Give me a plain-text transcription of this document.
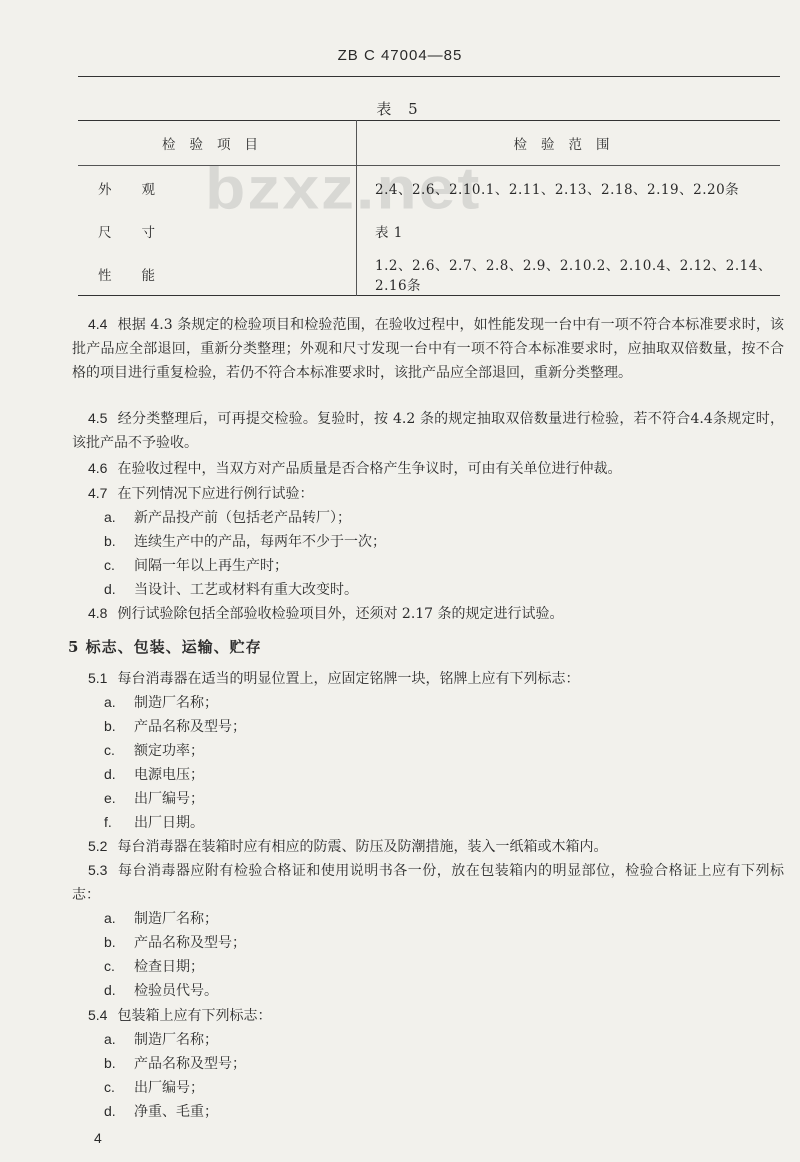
ZB C 47004—85
表 5
bzxz.net
检验项目	检验范围
外观	2.4、2.6、2.10.1、2.11、2.13、2.18、2.19、2.20条
尺寸	表 1
性能	1.2、2.6、2.7、2.8、2.9、2.10.2、2.10.4、2.12、2.14、2.16条
4.4 根据 4.3 条规定的检验项目和检验范围，在验收过程中，如性能发现一台中有一项不符合本标准要求时，该批产品应全部退回，重新分类整理；外观和尺寸发现一台中有一项不符合本标准要求时，应抽取双倍数量，按不合格的项目进行重复检验，若仍不符合本标准要求时，该批产品应全部退回，重新分类整理。
4.5 经分类整理后，可再提交检验。复验时，按 4.2 条的规定抽取双倍数量进行检验，若不符合4.4条规定时，该批产品不予验收。
4.6 在验收过程中，当双方对产品质量是否合格产生争议时，可由有关单位进行仲裁。
4.7 在下列情况下应进行例行试验：
a. 新产品投产前（包括老产品转厂）；
b. 连续生产中的产品，每两年不少于一次；
c. 间隔一年以上再生产时；
d. 当设计、工艺或材料有重大改变时。
4.8 例行试验除包括全部验收检验项目外，还须对 2.17 条的规定进行试验。
5 标志、包装、运输、贮存
5.1 每台消毒器在适当的明显位置上，应固定铭牌一块，铭牌上应有下列标志：
a. 制造厂名称；
b. 产品名称及型号；
c. 额定功率；
d. 电源电压；
e. 出厂编号；
f. 出厂日期。
5.2 每台消毒器在装箱时应有相应的防震、防压及防潮措施，装入一纸箱或木箱内。
5.3 每台消毒器应附有检验合格证和使用说明书各一份，放在包装箱内的明显部位，检验合格证上应有下列标志：
a. 制造厂名称；
b. 产品名称及型号；
c. 检查日期；
d. 检验员代号。
5.4 包装箱上应有下列标志：
a. 制造厂名称；
b. 产品名称及型号；
c. 出厂编号；
d. 净重、毛重；
4
